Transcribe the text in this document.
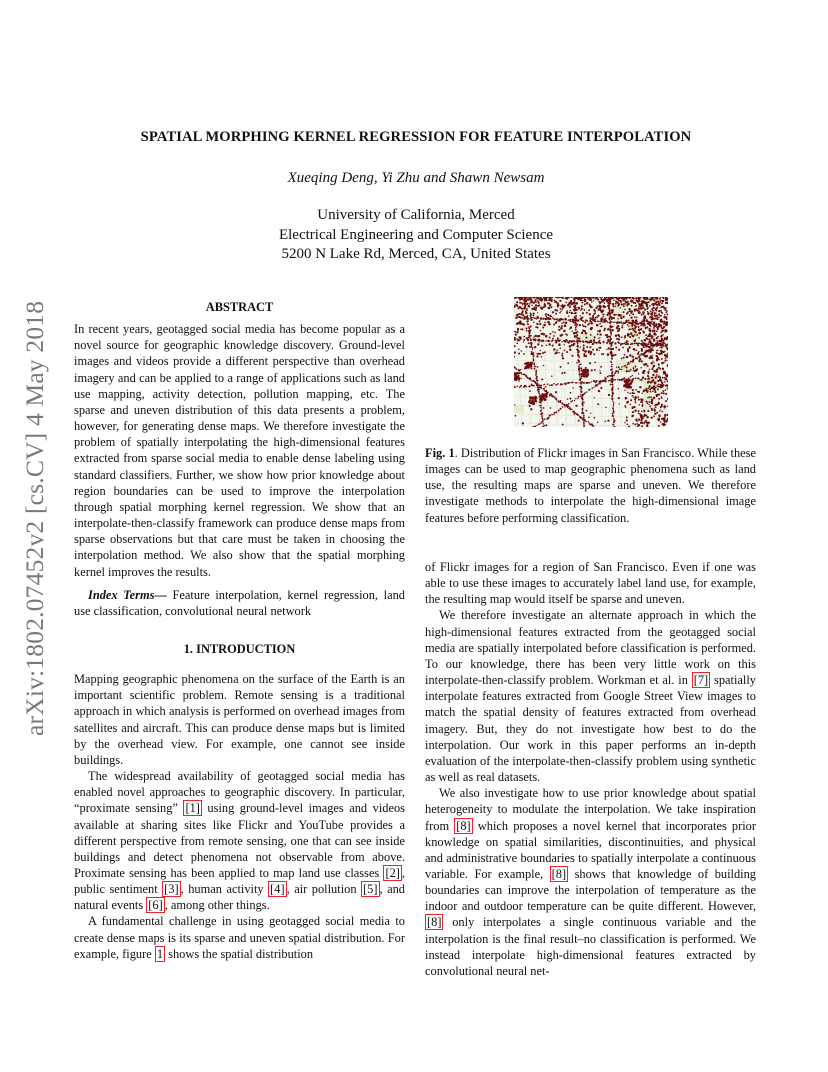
arXiv:1802.07452v2 [cs.CV] 4 May 2018
SPATIAL MORPHING KERNEL REGRESSION FOR FEATURE INTERPOLATION
Xueqing Deng, Yi Zhu and Shawn Newsam
University of California, Merced
Electrical Engineering and Computer Science
5200 N Lake Rd, Merced, CA, United States
ABSTRACT

In recent years, geotagged social media has become popular as a novel source for geographic knowledge discovery. Ground-level images and videos provide a different perspective than overhead imagery and can be applied to a range of applications such as land use mapping, activity detection, pollution mapping, etc. The sparse and uneven distribution of this data presents a problem, however, for generating dense maps. We therefore investigate the problem of spatially interpolating the high-dimensional features extracted from sparse social media to enable dense labeling using standard classifiers. Further, we show how prior knowledge about region boundaries can be used to improve the interpolation through spatial morphing kernel regression. We show that an interpolate-then-classify framework can produce dense maps from sparse observations but that care must be taken in choosing the interpolation method. We also show that the spatial morphing kernel improves the results.

Index Terms— Feature interpolation, kernel regression, land use classification, convolutional neural network

1. INTRODUCTION

Mapping geographic phenomena on the surface of the Earth is an important scientific problem. Remote sensing is a traditional approach in which analysis is performed on overhead images from satellites and aircraft. This can produce dense maps but is limited by the overhead view. For example, one cannot see inside buildings.

The widespread availability of geotagged social media has enabled novel approaches to geographic discovery. In particular, “proximate sensing” [1] using ground-level images and videos available at sharing sites like Flickr and YouTube provides a different perspective from remote sensing, one that can see inside buildings and detect phenomena not observable from above. Proximate sensing has been applied to map land use classes [2] , public sentiment [3] , human activity [4] , air pollution [5] , and natural events [6] , among other things.

A fundamental challenge in using geotagged social media to create dense maps is its sparse and uneven spatial distribution. For example, figure 1 shows the spatial distribution

Fig. 1. Distribution of Flickr images in San Francisco. While these images can be used to map geographic phenomena such as land use, the resulting maps are sparse and uneven. We therefore investigate methods to interpolate the high-dimensional image features before performing classification.

of Flickr images for a region of San Francisco. Even if one was able to use these images to accurately label land use, for example, the resulting map would itself be sparse and uneven.

We therefore investigate an alternate approach in which the high-dimensional features extracted from the geotagged social media are spatially interpolated before classification is performed. To our knowledge, there has been very little work on this interpolate-then-classify problem. Workman et al. in [7] spatially interpolate features extracted from Google Street View images to match the spatial density of features extracted from overhead imagery. But, they do not investigate how best to do the interpolation. Our work in this paper performs an in-depth evaluation of the interpolate-then-classify problem using synthetic as well as real datasets.

We also investigate how to use prior knowledge about spatial heterogeneity to modulate the interpolation. We take inspiration from [8] which proposes a novel kernel that incorporates prior knowledge on spatial similarities, discontinuities, and physical and administrative boundaries to spatially interpolate a continuous variable. For example, [8] shows that knowledge of building boundaries can improve the interpolation of temperature as the indoor and outdoor temperature can be quite different. However, [8] only interpolates a single continuous variable and the interpolation is the final result–no classification is performed. We instead interpolate high-dimensional features extracted by convolutional neural net-
